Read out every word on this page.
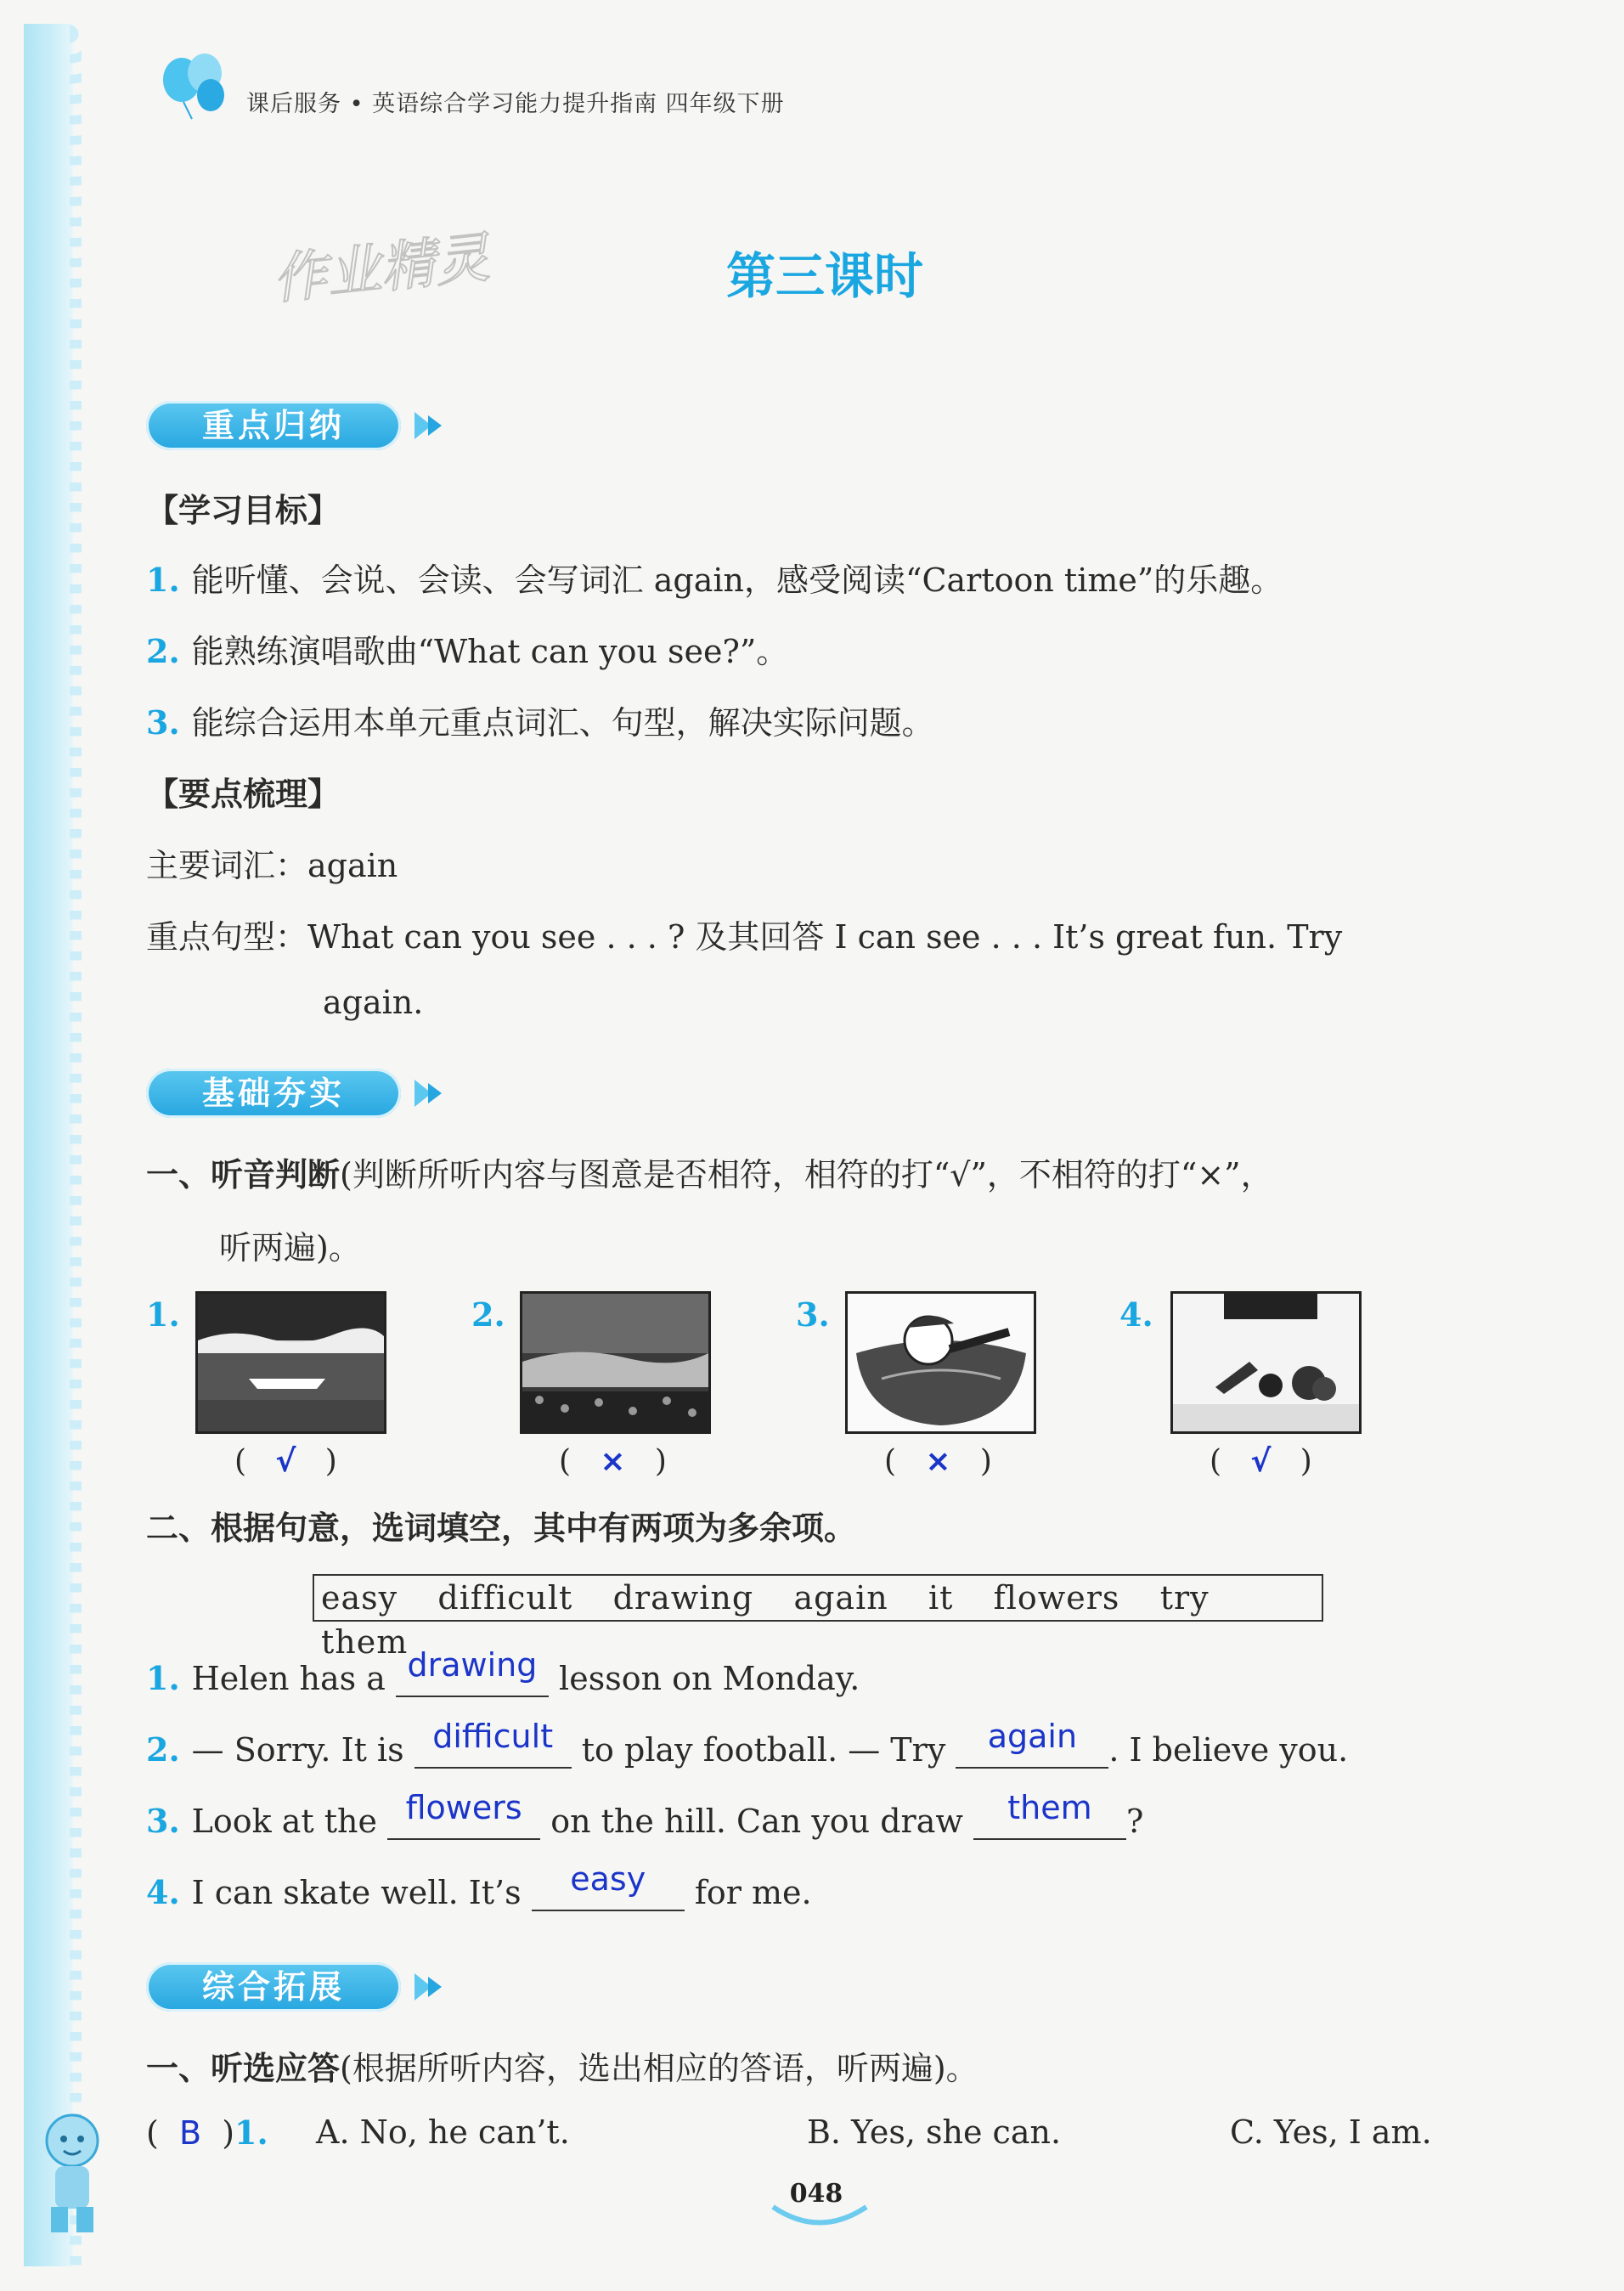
课后服务 • 英语综合学习能力提升指南 四年级下册
作业精灵	第三课时
重点归纳
【学习目标】
1. 能听懂、会说、会读、会写词汇 again，感受阅读“Cartoon time”的乐趣。
2. 能熟练演唱歌曲“What can you see?”。
3. 能综合运用本单元重点词汇、句型，解决实际问题。
【要点梳理】
主要词汇：again
重点句型：What can you see . . . ? 及其回答 I can see . . . It’s great fun. Try
again.
基础夯实
一、听音判断(判断所听内容与图意是否相符，相符的打“√”，不相符的打“×”，
听两遍)。
1.
(   √   )
2.
(   ×   )
3.
(   ×   )
4.
(   √   )
二、根据句意，选词填空，其中有两项为多余项。
easy difficult drawing again it flowers try   them
1. Helen has a drawing lesson on Monday.
2. — Sorry. It is difficult to play football. — Try	again . I believe you.
3. Look at the flowers on the hill. Can you draw	them	?
4. I can skate well. It’s	easy	for me.
综合拓展
一、听选应答(根据所听内容，选出相应的答语，听两遍)。
(  B  )1.	A. No, he can’t.	B. Yes, she can.	C. Yes, I am.
048
